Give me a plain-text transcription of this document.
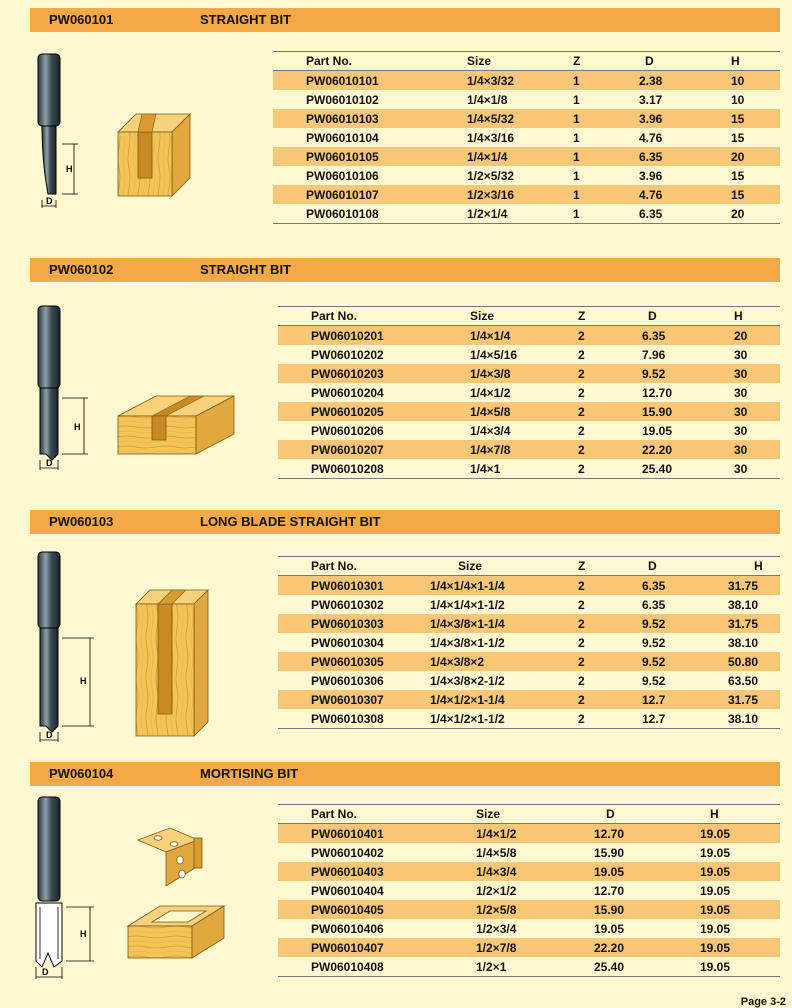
PW060101	STRAIGHT BIT
H
D
Part No.	Size	Z	D	H
PW06010101	1/4×3/32	1	2.38	10
PW06010102	1/4×1/8	1	3.17	10
PW06010103	1/4×5/32	1	3.96	15
PW06010104	1/4×3/16	1	4.76	15
PW06010105	1/4×1/4	1	6.35	20
PW06010106	1/2×5/32	1	3.96	15
PW06010107	1/2×3/16	1	4.76	15
PW06010108	1/2×1/4	1	6.35	20
PW060102	STRAIGHT BIT
H
D
Part No.	Size	Z	D	H
PW06010201	1/4×1/4	2	6.35	20
PW06010202	1/4×5/16	2	7.96	30
PW06010203	1/4×3/8	2	9.52	30
PW06010204	1/4×1/2	2	12.70	30
PW06010205	1/4×5/8	2	15.90	30
PW06010206	1/4×3/4	2	19.05	30
PW06010207	1/4×7/8	2	22.20	30
PW06010208	1/4×1	2	25.40	30
PW060103	LONG BLADE STRAIGHT BIT
H
D
Part No.	Size	Z	D	H
PW06010301	1/4×1/4×1-1/4	2	6.35	31.75
PW06010302	1/4×1/4×1-1/2	2	6.35	38.10
PW06010303	1/4×3/8×1-1/4	2	9.52	31.75
PW06010304	1/4×3/8×1-1/2	2	9.52	38.10
PW06010305	1/4×3/8×2	2	9.52	50.80
PW06010306	1/4×3/8×2-1/2	2	9.52	63.50
PW06010307	1/4×1/2×1-1/4	2	12.7	31.75
PW06010308	1/4×1/2×1-1/2	2	12.7	38.10
PW060104	MORTISING BIT
H
D
Part No.	Size	D	H
PW06010401	1/4×1/2	12.70	19.05
PW06010402	1/4×5/8	15.90	19.05
PW06010403	1/4×3/4	19.05	19.05
PW06010404	1/2×1/2	12.70	19.05
PW06010405	1/2×5/8	15.90	19.05
PW06010406	1/2×3/4	19.05	19.05
PW06010407	1/2×7/8	22.20	19.05
PW06010408	1/2×1	25.40	19.05
Page 3-2
